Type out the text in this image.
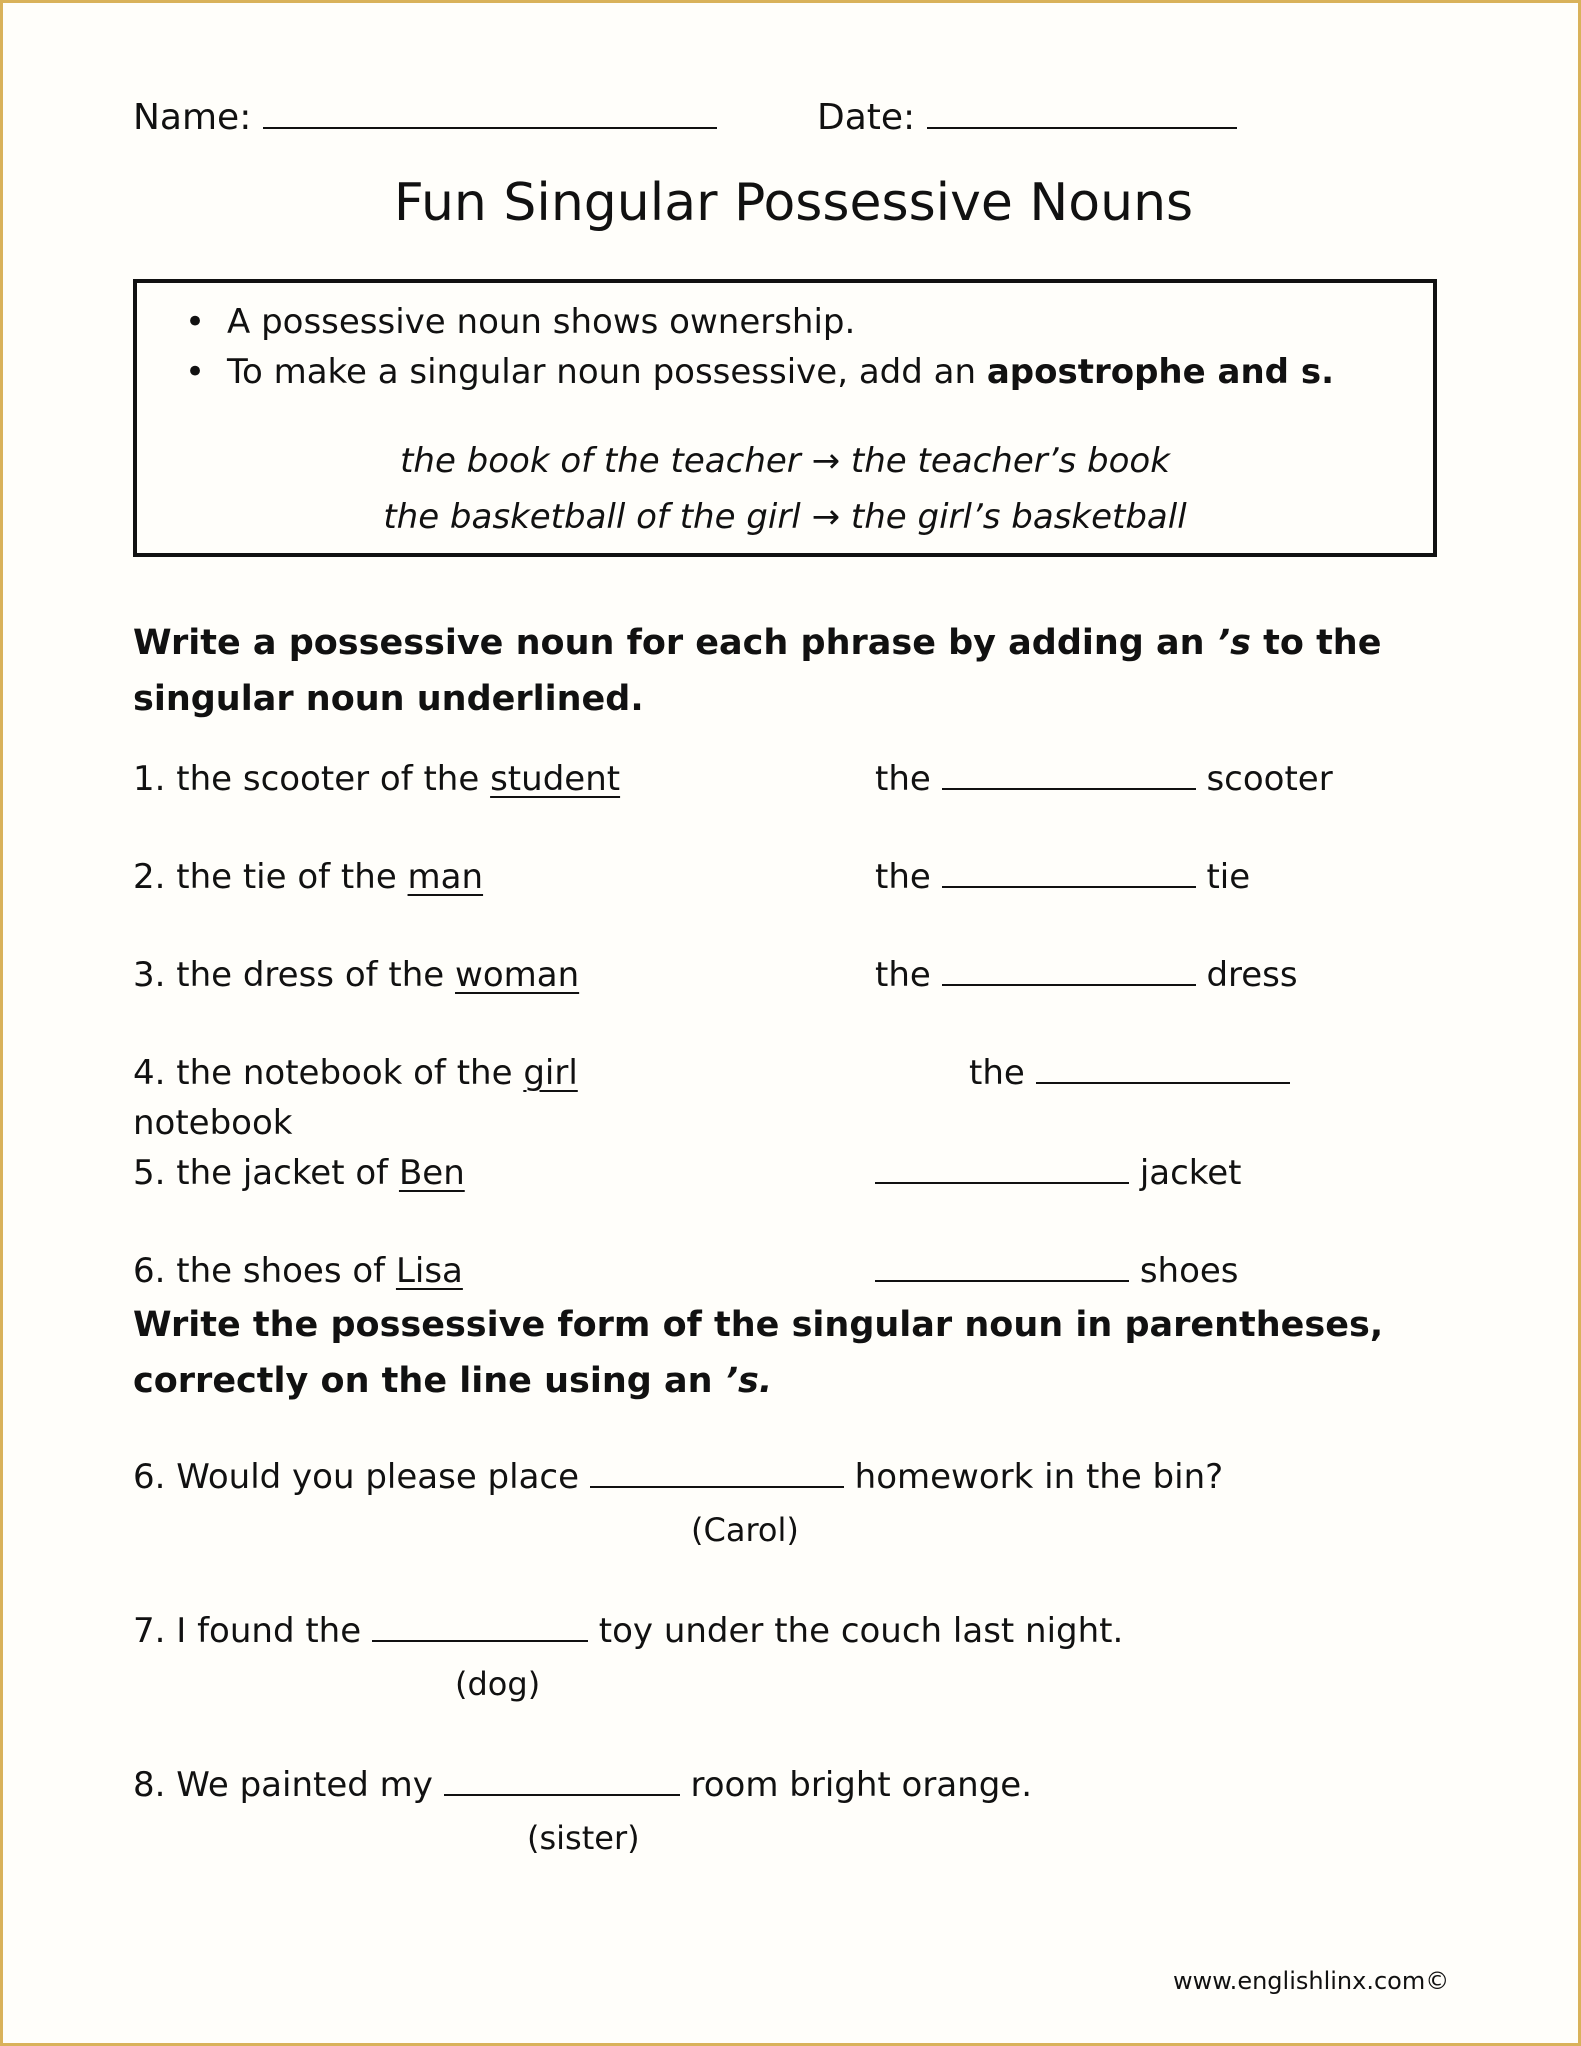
Name:	Date:
Fun Singular Possessive Nouns
• A possessive noun shows ownership.
• To make a singular noun possessive, add an apostrophe and s.
the book of the teacher → the teacher’s book
the basketball of the girl → the girl’s basketball
Write a possessive noun for each phrase by adding an ’s to the singular noun underlined.
1. the scooter of the student	the	scooter
2. the tie of the man	the	tie
3. the dress of the woman	the	dress
4. the notebook of the girl	the
notebook
5. the jacket of Ben	jacket
6. the shoes of Lisa	shoes
Write the possessive form of the singular noun in parentheses, correctly on the line using an ’s.
6. Would you please place	homework in the bin?
(Carol)
7. I found the	toy under the couch last night.
(dog)
8. We painted my	room bright orange.
(sister)
www.englishlinx.com©
